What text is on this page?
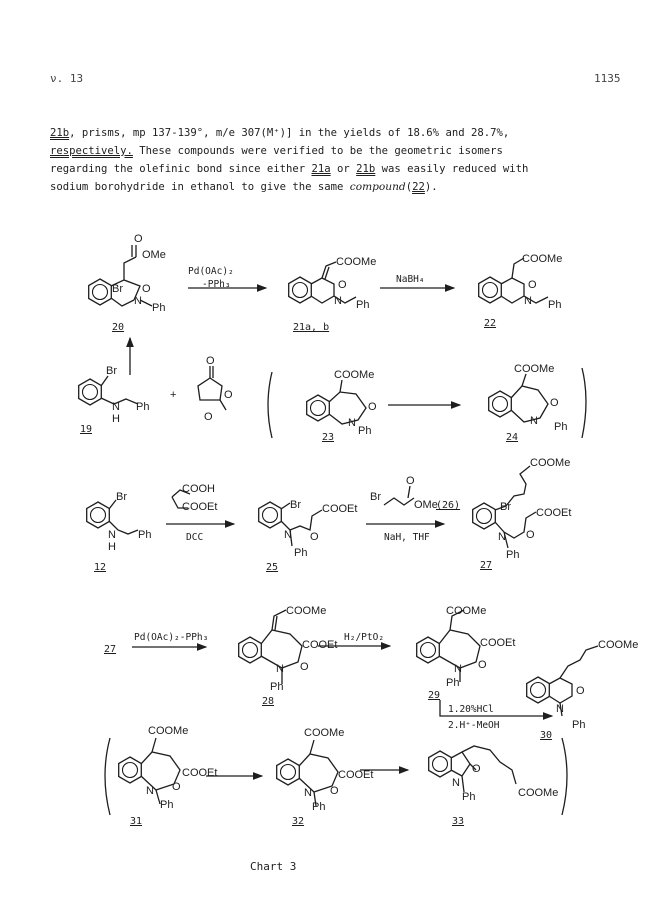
ν. 13	1135

21b, prisms, mp 137-139°, m/e 307(M⁺)] in the yields of 18.6% and 28.7%,

respectively. These compounds were verified to be the geometric isomers

regarding the olefinic bond since either 21a or 21b was easily reduced with

sodium borohydride in ethanol to give the same compound(22).

O
OMe
O
Br
N
Ph
Pd(OAc)₂
-PPh₃
COOMe
O
N Ph
NaBH₄
COOMe
O
N Ph
20	21a, b	22
Br
N
H
Ph
19
+
O
O
O
COOMe
O
N
Ph
23
COOMe
O
N Ph
24
Br
N
H
Ph
12
COOH
COOEt
DCC
Br COOEt
O
N
Ph
25
Br
O
OMe
(26)
NaH, THF
COOMe
Br COOEt
O
N
Ph
27
27
Pd(OAc)₂-PPh₃
COOMe
COOEt
O
N
Ph
28
H₂/PtO₂
COOMe
COOEt
O
N
Ph
29
1.20%HCl
2.H⁺-MeOH
COOMe
O
N
Ph
30
COOMe
COOEt
O
N
Ph
31
COOMe
COOEt
O
N
Ph
32
O
N
Ph	COOMe
33
Chart 3
